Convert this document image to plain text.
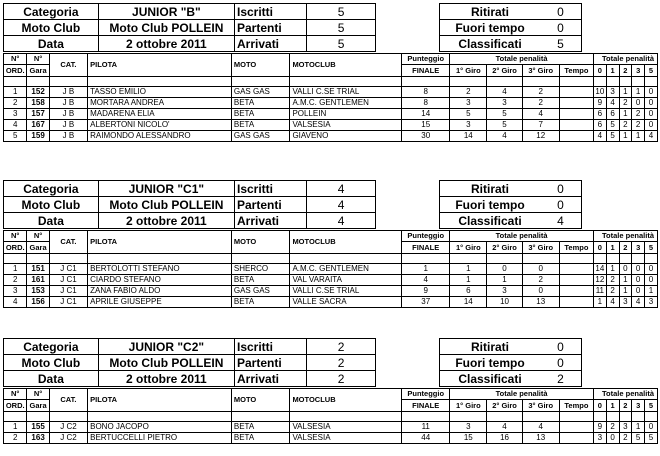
Categoria	JUNIOR "B"	Iscritti	5
Moto Club	Moto Club POLLEIN	Partenti	5
Data	2 ottobre 2011	Arrivati	5
Ritirati	0
Fuori tempo	0
Classificati	5
N°	N°	CAT.	PILOTA	MOTO	MOTOCLUB	Punteggio	Totale penalità				Totale penalità				
ORD.	Gara					FINALE	1° Giro	2° Giro	3° Giro	Tempo	0	1	2	3	5

1	152	J B	TASSO EMILIO	GAS GAS	VALLI C.SE TRIAL	8	2	4	2		10	3	1	1	0
2	158	J B	MORTARA ANDREA	BETA	A.M.C. GENTLEMEN	8	3	3	2		9	4	2	0	0
3	157	J B	MADARENA ELIA	BETA	POLLEIN	14	5	5	4		6	6	1	2	0
4	167	J B	ALBERTONI NICOLO'	BETA	VALSESIA	15	3	5	7		6	5	2	2	0
5	159	J B	RAIMONDO ALESSANDRO	GAS GAS	GIAVENO	30	14	4	12		4	5	1	1	4
Categoria	JUNIOR "C1"	Iscritti	4
Moto Club	Moto Club POLLEIN	Partenti	4
Data	2 ottobre 2011	Arrivati	4
Ritirati	0
Fuori tempo	0
Classificati	4
N°	N°	CAT.	PILOTA	MOTO	MOTOCLUB	Punteggio	Totale penalità				Totale penalità				
ORD.	Gara					FINALE	1° Giro	2° Giro	3° Giro	Tempo	0	1	2	3	5

1	151	J C1	BERTOLOTTI STEFANO	SHERCO	A.M.C. GENTLEMEN	1	1	0	0		14	1	0	0	0
2	161	J C1	CIARDO STEFANO	BETA	VAL VARAITA	4	1	1	2		12	2	1	0	0
3	153	J C1	ZANA FABIO ALDO	GAS GAS	VALLI C.SE TRIAL	9	6	3	0		11	2	1	0	1
4	156	J C1	APRILE GIUSEPPE	BETA	VALLE SACRA	37	14	10	13		1	4	3	4	3
Categoria	JUNIOR "C2"	Iscritti	2
Moto Club	Moto Club POLLEIN	Partenti	2
Data	2 ottobre 2011	Arrivati	2
Ritirati	0
Fuori tempo	0
Classificati	2
N°	N°	CAT.	PILOTA	MOTO	MOTOCLUB	Punteggio	Totale penalità				Totale penalità				
ORD.	Gara					FINALE	1° Giro	2° Giro	3° Giro	Tempo	0	1	2	3	5

1	155	J C2	BONO JACOPO	BETA	VALSESIA	11	3	4	4		9	2	3	1	0
2	163	J C2	BERTUCCELLI PIETRO	BETA	VALSESIA	44	15	16	13		3	0	2	5	5
